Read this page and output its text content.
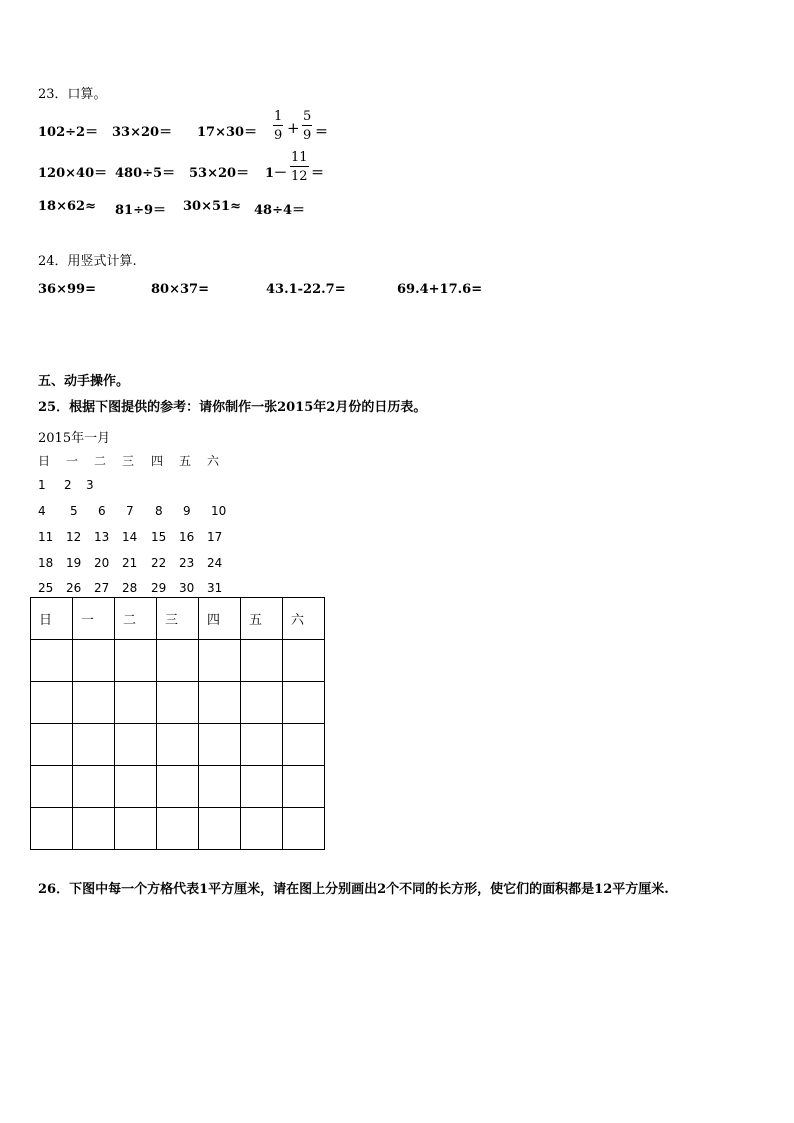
23．口算。
$102\div 2= 33\times 20= 17\times 30= \frac{1}{9} + \frac{5}{9}$ ＝
$120\times 40= 480\div 5= 53\times 20= 1- \frac{11}{12}$ ＝
18×62≈ 81÷9＝ 30×51≈ 48÷4＝
24．用竖式计算.
36×99=	80×37=	43.1-22.7=	69.4+17.6=
五、动手操作。
25．根据下图提供的参考：请你制作一张2015年2月份的日历表。
2015年一月
日 一 二 三 四 五 六
1 2 3
4 5 6 7 8 9 10
11 12 13 14 15 16 17
18 19 20 21 22 23 24
25 26 27 28 29 30 31
日	一	二	三	四	五	六

26．下图中每一个方格代表1平方厘米，请在图上分别画出2个不同的长方形，使它们的面积都是12平方厘米.
